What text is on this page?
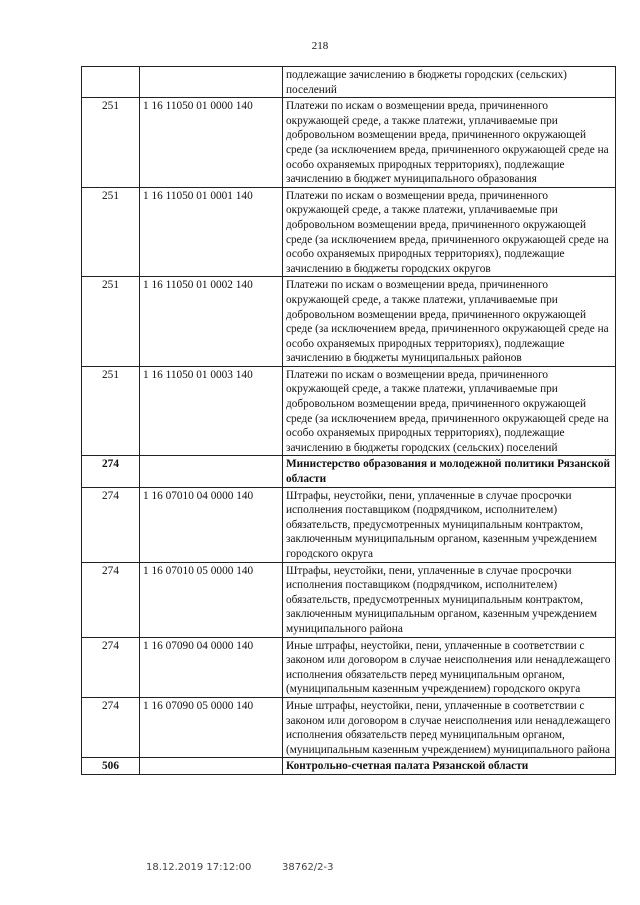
218
		подлежащие зачислению в бюджеты городских (сельских) поселений
251	1 16 11050 01 0000 140	Платежи по искам о возмещении вреда, причиненного окружающей среде, а также платежи, уплачиваемые при добровольном возмещении вреда, причиненного окружающей среде (за исключением вреда, причиненного окружающей среде на особо охраняемых природных территориях), подлежащие зачислению в бюджет муниципального образования
251	1 16 11050 01 0001 140	Платежи по искам о возмещении вреда, причиненного окружающей среде, а также платежи, уплачиваемые при добровольном возмещении вреда, причиненного окружающей среде (за исключением вреда, причиненного окружающей среде на особо охраняемых природных территориях), подлежащие зачислению в бюджеты городских округов
251	1 16 11050 01 0002 140	Платежи по искам о возмещении вреда, причиненного окружающей среде, а также платежи, уплачиваемые при добровольном возмещении вреда, причиненного окружающей среде (за исключением вреда, причиненного окружающей среде на особо охраняемых природных территориях), подлежащие зачислению в бюджеты муниципальных районов
251	1 16 11050 01 0003 140	Платежи по искам о возмещении вреда, причиненного окружающей среде, а также платежи, уплачиваемые при добровольном возмещении вреда, причиненного окружающей среде (за исключением вреда, причиненного окружающей среде на особо охраняемых природных территориях), подлежащие зачислению в бюджеты городских (сельских) поселений
274		Министерство образования и молодежной политики Рязанской области
274	1 16 07010 04 0000 140	Штрафы, неустойки, пени, уплаченные в случае просрочки исполнения поставщиком (подрядчиком, исполнителем) обязательств, предусмотренных муниципальным контрактом, заключенным муниципальным органом, казенным учреждением городского округа
274	1 16 07010 05 0000 140	Штрафы, неустойки, пени, уплаченные в случае просрочки исполнения поставщиком (подрядчиком, исполнителем) обязательств, предусмотренных муниципальным контрактом, заключенным муниципальным органом, казенным учреждением муниципального района
274	1 16 07090 04 0000 140	Иные штрафы, неустойки, пени, уплаченные в соответствии с законом или договором в случае неисполнения или ненадлежащего исполнения обязательств перед муниципальным органом, (муниципальным казенным учреждением) городского округа
274	1 16 07090 05 0000 140	Иные штрафы, неустойки, пени, уплаченные в соответствии с законом или договором в случае неисполнения или ненадлежащего исполнения обязательств перед муниципальным органом, (муниципальным казенным учреждением) муниципального района
506		Контрольно-счетная палата Рязанской области
18.12.2019 17:12:00	38762/2-3
